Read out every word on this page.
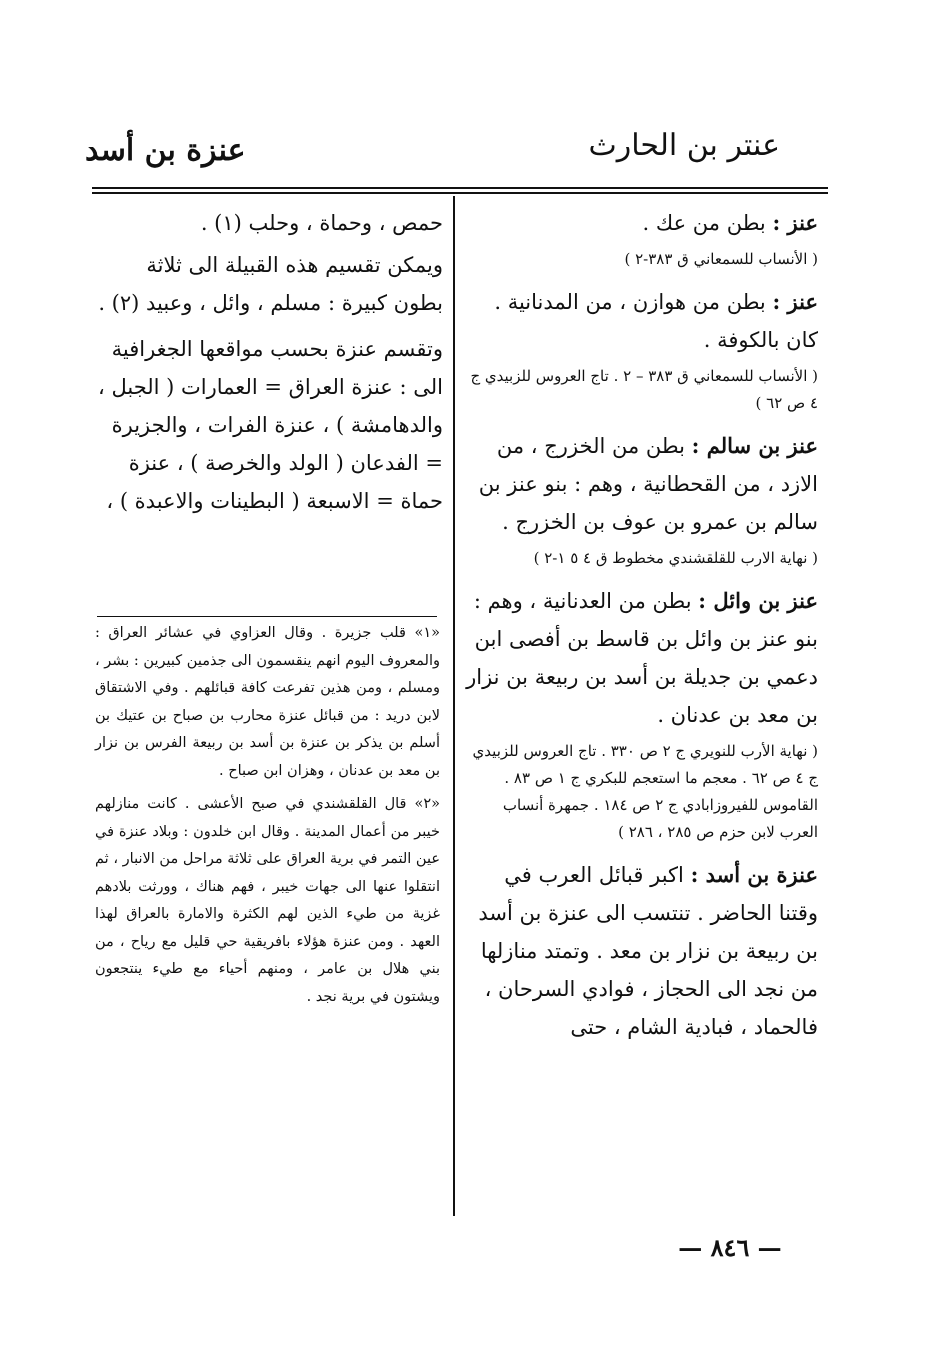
عنزة بن أسد	عنتر بن الحارث

عنز : بطن من عك .

( الأنساب للسمعاني ق ٣٨٣-٢ )

عنز : بطن من هوازن ، من المدنانية . كان بالكوفة .

( الأنساب للسمعاني ق ٣٨٣ – ٢ . تاج العروس للزبيدي ج ٤ ص ٦٢ )

عنز بن سالم : بطن من الخزرج ، من الازد ، من القحطانية ، وهم : بنو عنز بن سالم بن عمرو بن عوف بن الخزرج .

( نهاية الارب للقلقشندي مخطوط ق ٤ ٥ ١-٢ )

عنز بن وائل : بطن من العدنانية ، وهم : بنو عنز بن وائل بن قاسط بن أفصى ابن دعمي بن جديلة بن أسد بن ربيعة بن نزار بن معد بن عدنان .

( نهاية الأرب للنويري ج ٢ ص ٣٣٠ . تاج العروس للزبيدي ج ٤ ص ٦٢ . معجم ما استعجم للبكري ج ١ ص ٨٣ . القاموس للفيروزابادي ج ٢ ص ١٨٤ . جمهرة أنساب العرب لابن حزم ص ٢٨٥ ، ٢٨٦ )

عنزة بن أسد : اكبر قبائل العرب في وقتنا الحاضر . تنتسب الى عنزة بن أسد بن ربيعة بن نزار بن معد . وتمتد منازلها من نجد الى الحجاز ، فوادي السرحان ، فالحماد ، فبادية الشام ، حتى

حمص ، وحماة ، وحلب (١) .

ويمكن تقسيم هذه القبيلة الى ثلاثة بطون كبيرة : مسلم ، وائل ، وعبيد (٢) .

وتقسم عنزة بحسب مواقعها الجغرافية الى : عنزة العراق = العمارات ( الجبل ، والدهامشة ) ، عنزة الفرات ، والجزيرة = الفدعان ( الولد والخرصة ) ، عنزة حماة = الاسبعة ( البطينات والاعبدة ) ،

«١» قلب جزيرة . وقال العزاوي في عشائر العراق : والمعروف اليوم انهم ينقسمون الى جذمين كبيرين : بشر ، ومسلم ، ومن هذين تفرعت كافة قبائلهم . وفي الاشتقاق لابن دريد : من قبائل عنزة محارب بن صباح بن عتيك بن أسلم بن يذكر بن عنزة بن أسد بن ربيعة الفرس بن نزار بن معد بن عدنان ، وهزان ابن صباح .

«٢» قال القلقشندي في صبح الأعشى . كانت منازلهم خيبر من أعمال المدينة . وقال ابن خلدون : وبلاد عنزة في عين التمر في برية العراق على ثلاثة مراحل من الانبار ، ثم انتقلوا عنها الى جهات خيبر ، فهم هناك ، وورثت بلادهم غزية من طيء الذين لهم الكثرة والامارة بالعراق لهذا العهد . ومن عنزة هؤلاء بافريقية حي قليل مع رياح ، من بني هلال بن عامر ، ومنهم أحياء مع طيء ينتجعون ويشتون في برية نجد .

— ٨٤٦ —
